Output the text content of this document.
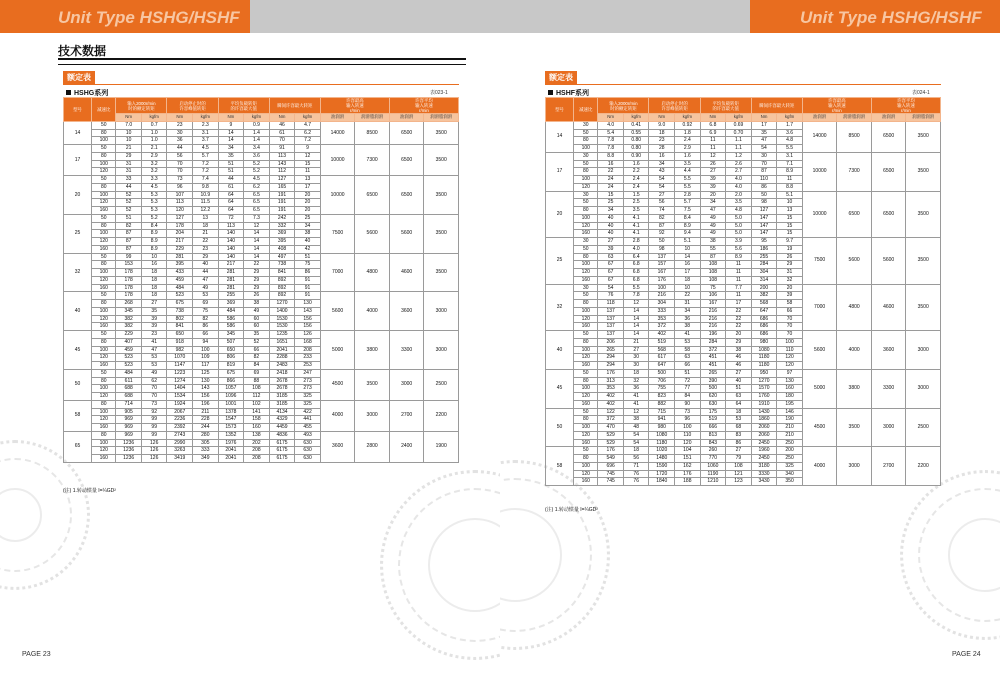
Unit Type HSHG/HSHF
技术数据
额定表
HSHG系列	表023-1
型号	减速比	输入2000r/min
时的额定转矩		启动停止时的
许容峰值转矩		平均负载转矩
的许容最大值		瞬间许容最大转矩		许容最高
输入转速
r/min		许容平均
输入转速
r/min	
		Nm	kgfm	Nm	kgfm	Nm	kgfm	Nm	kgfm	油润滑	润滑脂润滑	油润滑	润滑脂润滑
14	50	7.0	0.7	23	2.3	9	0.9	46	4.7	14000	8500	6500	3500
	80	10	1.0	30	3.1	14	1.4	61	6.2				
	100	10	1.0	36	3.7	14	1.4	70	7.2				
17	50	21	2.1	44	4.5	34	3.4	91	9	10000	7300	6500	3500
	80	29	2.9	56	5.7	35	3.6	113	12				
	100	31	3.2	70	7.2	51	5.2	143	15				
	120	31	3.2	70	7.2	51	5.2	112	11				
20	50	33	3.3	73	7.4	44	4.5	127	13	10000	6500	6500	3500
	80	44	4.5	96	9.8	61	6.2	165	17				
	100	52	5.3	107	10.9	64	6.5	191	20				
	120	52	5.3	113	11.5	64	6.5	191	20				
	160	52	5.3	120	12.2	64	6.5	191	20				
25	50	51	5.2	127	13	72	7.3	242	25	7500	5600	5600	3500
	80	82	8.4	178	18	113	12	332	34				
	100	87	8.9	204	21	140	14	369	38				
	120	87	8.9	217	22	140	14	395	40				
	160	87	8.9	229	23	140	14	408	42				
32	50	99	10	281	29	140	14	497	51	7000	4800	4600	3500
	80	153	16	395	40	217	22	738	75				
	100	178	18	433	44	281	29	841	86				
	120	178	18	459	47	281	29	892	91				
	160	178	18	484	49	281	29	892	91				
40	50	178	18	523	53	255	26	892	91	5600	4000	3600	3000
	80	268	27	675	69	369	38	1270	130				
	100	345	35	738	75	484	49	1400	143				
	120	382	39	802	82	586	60	1530	156				
	160	382	39	841	86	586	60	1530	156				
45	50	229	23	650	66	345	35	1235	126	5000	3800	3300	3000
	80	407	41	918	94	507	52	1651	168				
	100	459	47	982	100	650	66	2041	208				
	120	523	53	1070	109	806	82	2288	233				
	160	523	53	1147	117	819	84	2483	253				
50	50	484	49	1223	125	675	69	2418	247	4500	3500	3000	2500
	80	611	62	1274	130	866	88	2678	273				
	100	688	70	1404	143	1057	108	2678	273				
	120	688	70	1534	156	1096	112	3185	325				
58	80	714	73	1924	196	1001	102	3185	325	4000	3000	2700	2200
	100	905	92	2067	211	1378	141	4134	422				
	120	969	99	2236	228	1547	158	4329	441				
	160	969	99	2392	244	1573	160	4459	455				
65	80	969	99	2743	280	1352	138	4836	493	3600	2800	2400	1900
	100	1236	126	2990	305	1976	202	6175	630				
	120	1236	126	3263	333	2041	208	6175	630				
	160	1236	126	3419	349	2041	208	6175	630				
(注) 1.转动惯量 I=¼GD²
PAGE 23
Unit Type HSHG/HSHF
额定表
HSHF系列	表024-1
型号	减速比	输入2000r/min
时的额定转矩		启动停止时的
许容峰值转矩		平均负载转矩
的许容最大值		瞬间许容最大转矩		许容最高
输入转速
r/min		许容平均
输入转速
r/min	
		Nm	kgfm	Nm	kgfm	Nm	kgfm	Nm	kgfm	油润滑	润滑脂润滑	油润滑	润滑脂润滑
14	30	4.0	0.41	9.0	0.92	6.8	0.69	17	1.7	14000	8500	6500	3500
	50	5.4	0.55	18	1.8	6.9	0.70	35	3.6				
	80	7.8	0.80	23	2.4	11	1.1	47	4.8				
	100	7.8	0.80	28	2.9	11	1.1	54	5.5				
17	30	8.8	0.90	16	1.6	12	1.2	30	3.1	10000	7300	6500	3500
	50	16	1.6	34	3.5	26	2.6	70	7.1				
	80	22	2.2	43	4.4	27	2.7	87	8.9				
	100	24	2.4	54	5.5	39	4.0	110	11				
	120	24	2.4	54	5.5	39	4.0	86	8.8				
20	30	15	1.5	27	2.8	20	2.0	50	5.1	10000	6500	6500	3500
	50	25	2.5	56	5.7	34	3.5	98	10				
	80	34	3.5	74	7.5	47	4.8	127	13				
	100	40	4.1	82	8.4	49	5.0	147	15				
	120	40	4.1	87	8.9	49	5.0	147	15				
	160	40	4.1	92	9.4	49	5.0	147	15				
25	30	27	2.8	50	5.1	38	3.9	95	9.7	7500	5600	5600	3500
	50	39	4.0	98	10	55	5.6	186	19				
	80	63	6.4	137	14	87	8.9	255	26				
	100	67	6.8	157	16	108	11	284	29				
	120	67	6.8	167	17	108	11	304	31				
	160	67	6.8	176	18	108	11	314	32				
32	30	54	5.5	100	10	75	7.7	200	20	7000	4800	4600	3500
	50	76	7.8	216	22	106	11	382	39				
	80	118	12	304	31	167	17	568	58				
	100	137	14	333	34	216	22	647	66				
	120	137	14	353	36	216	22	686	70				
	160	137	14	372	38	216	22	686	70				
40	50	137	14	402	41	196	20	686	70	5600	4000	3600	3000
	80	206	21	519	53	284	29	980	100				
	100	265	27	568	58	372	38	1080	110				
	120	294	30	617	63	451	46	1180	120				
	160	294	30	647	66	451	46	1180	120				
45	50	176	18	500	51	265	27	950	97	5000	3800	3300	3000
	80	313	32	706	72	390	40	1270	130				
	100	353	36	755	77	500	51	1570	160				
	120	402	41	823	84	620	63	1760	180				
	160	402	41	882	90	630	64	1910	195				
50	50	122	12	715	73	175	18	1430	146	4500	3500	3000	2500
	80	372	38	941	96	519	53	1860	190				
	100	470	48	980	100	666	68	2060	210				
	120	529	54	1080	110	813	83	2060	210				
	160	529	54	1180	120	843	86	2450	250				
58	50	176	18	1020	104	260	27	1960	200	4000	3000	2700	2200
	80	549	56	1480	151	770	79	2450	250				
	100	696	71	1590	162	1060	108	3180	325				
	120	745	76	1720	176	1190	121	3330	340				
	160	745	76	1840	188	1210	123	3430	350				
(注) 1.转动惯量 I=¼GD²
PAGE 24
